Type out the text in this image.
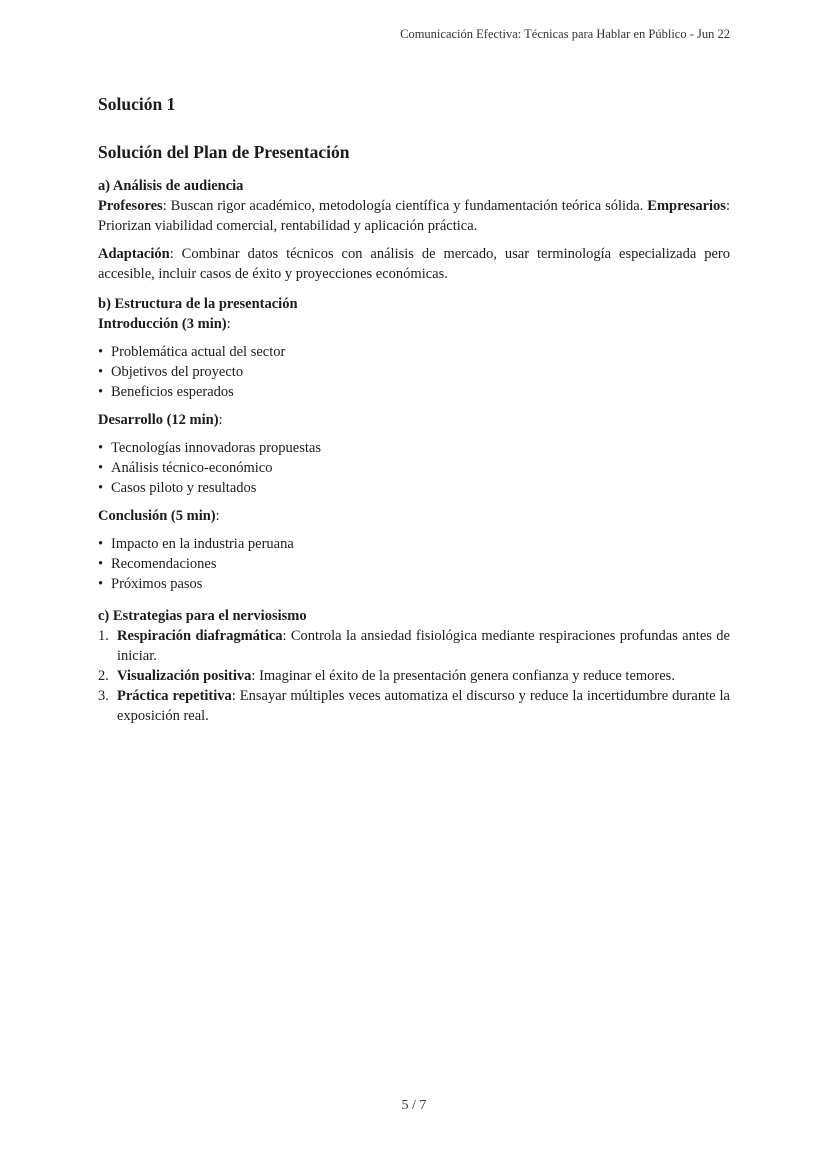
Comunicación Efectiva: Técnicas para Hablar en Público - Jun 22
Solución 1
Solución del Plan de Presentación
a) Análisis de audiencia

Profesores: Buscan rigor académico, metodología científica y fundamentación teórica sólida. Empresarios: Priorizan viabilidad comercial, rentabilidad y aplicación práctica.

Adaptación: Combinar datos técnicos con análisis de mercado, usar terminología especializada pero accesible, incluir casos de éxito y proyecciones económicas.

b) Estructura de la presentación

Introducción (3 min):

• Problemática actual del sector
• Objetivos del proyecto
• Beneficios esperados

Desarrollo (12 min):

• Tecnologías innovadoras propuestas
• Análisis técnico-económico
• Casos piloto y resultados

Conclusión (5 min):

• Impacto en la industria peruana
• Recomendaciones
• Próximos pasos
c) Estrategias para el nerviosismo
1. Respiración diafragmática: Controla la ansiedad fisiológica mediante respiraciones profundas antes de iniciar.
2. Visualización positiva: Imaginar el éxito de la presentación genera confianza y reduce temores.
3. Práctica repetitiva: Ensayar múltiples veces automatiza el discurso y reduce la incertidumbre durante la exposición real.
5 / 7
